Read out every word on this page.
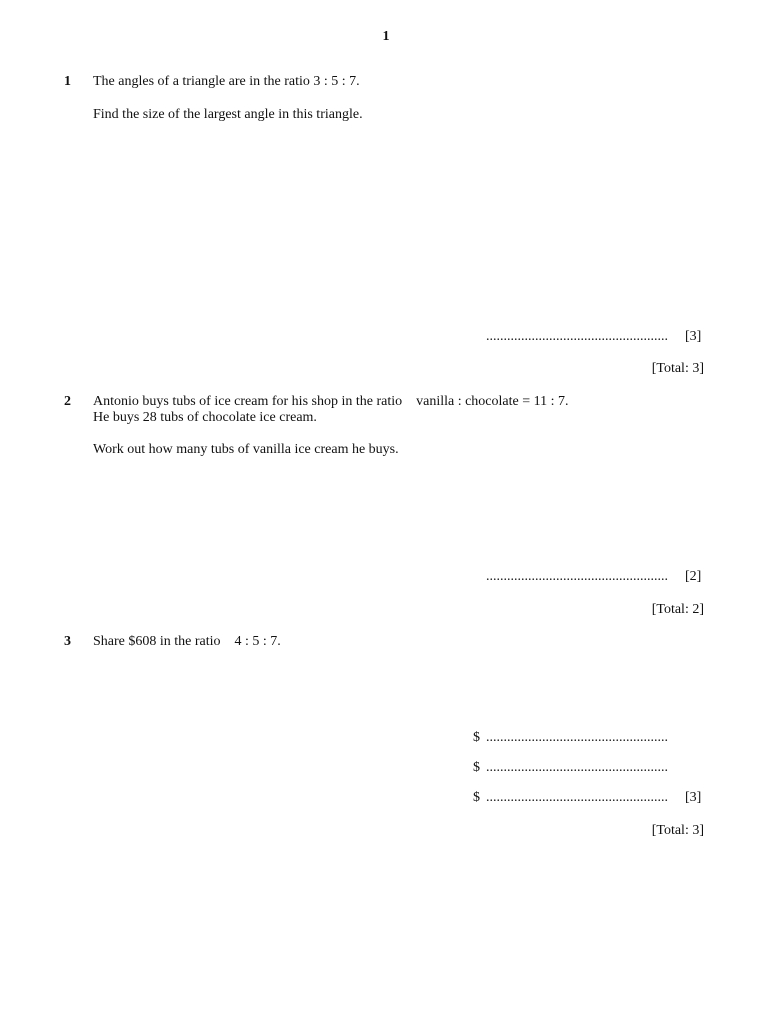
1
1 The angles of a triangle are in the ratio 3 : 5 : 7.
Find the size of the largest angle in this triangle.
.................................................... [3]
[Total: 3]
2 Antonio buys tubs of ice cream for his shop in the ratio    vanilla : chocolate = 11 : 7.
He buys 28 tubs of chocolate ice cream.
Work out how many tubs of vanilla ice cream he buys.
.................................................... [2]
[Total: 2]
3 Share $608 in the ratio    4 : 5 : 7.
$ ....................................................
$ ....................................................
$ .................................................... [3]
[Total: 3]
